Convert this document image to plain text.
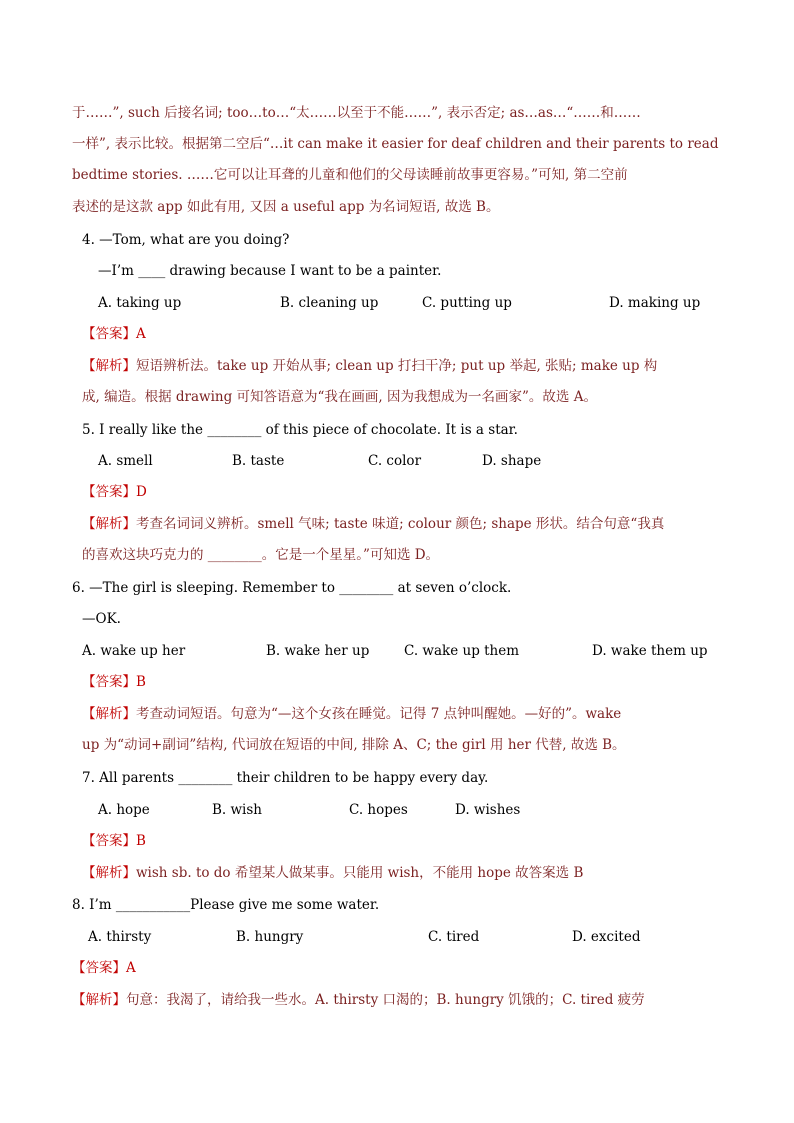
于……”, such 后接名词; too…to…“太……以至于不能……”, 表示否定; as…as…“……和……
一样”, 表示比较。根据第二空后“…it can make it easier for deaf children and their parents to read
bedtime stories. ……它可以让耳聋的儿童和他们的父母读睡前故事更容易。”可知, 第二空前
表述的是这款 app 如此有用, 又因 a useful app 为名词短语, 故选 B。
4. —Tom, what are you doing?
—I’m ____ drawing because I want to be a painter.
A. taking up	B. cleaning up	C. putting up	D. making up
【答案】A
【解析】短语辨析法。take up 开始从事; clean up 打扫干净; put up 举起, 张贴; make up 构
成, 编造。根据 drawing 可知答语意为“我在画画, 因为我想成为一名画家”。故选 A。
5. I really like the ________ of this piece of chocolate. It is a star.
A. smell	B. taste	C. color	D. shape
【答案】D
【解析】考查名词词义辨析。smell 气味; taste 味道; colour 颜色; shape 形状。结合句意“我真
的喜欢这块巧克力的 ________。它是一个星星。”可知选 D。
6. —The girl is sleeping. Remember to ________ at seven o’clock.
—OK.
A. wake up her	B. wake her up	C. wake up them	D. wake them up
【答案】B
【解析】考查动词短语。句意为“—这个女孩在睡觉。记得 7 点钟叫醒她。—好的”。wake
up 为“动词+副词”结构, 代词放在短语的中间, 排除 A、C; the girl 用 her 代替, 故选 B。
7. All parents ________ their children to be happy every day.
A. hope	B. wish	C. hopes	D. wishes
【答案】B
【解析】wish sb. to do 希望某人做某事。只能用 wish，不能用 hope 故答案选 B
8. I’m ___________Please give me some water.
A. thirsty	B. hungry	C. tired	D. excited
【答案】A
【解析】句意：我渴了，请给我一些水。A. thirsty 口渴的；B. hungry 饥饿的；C. tired 疲劳
